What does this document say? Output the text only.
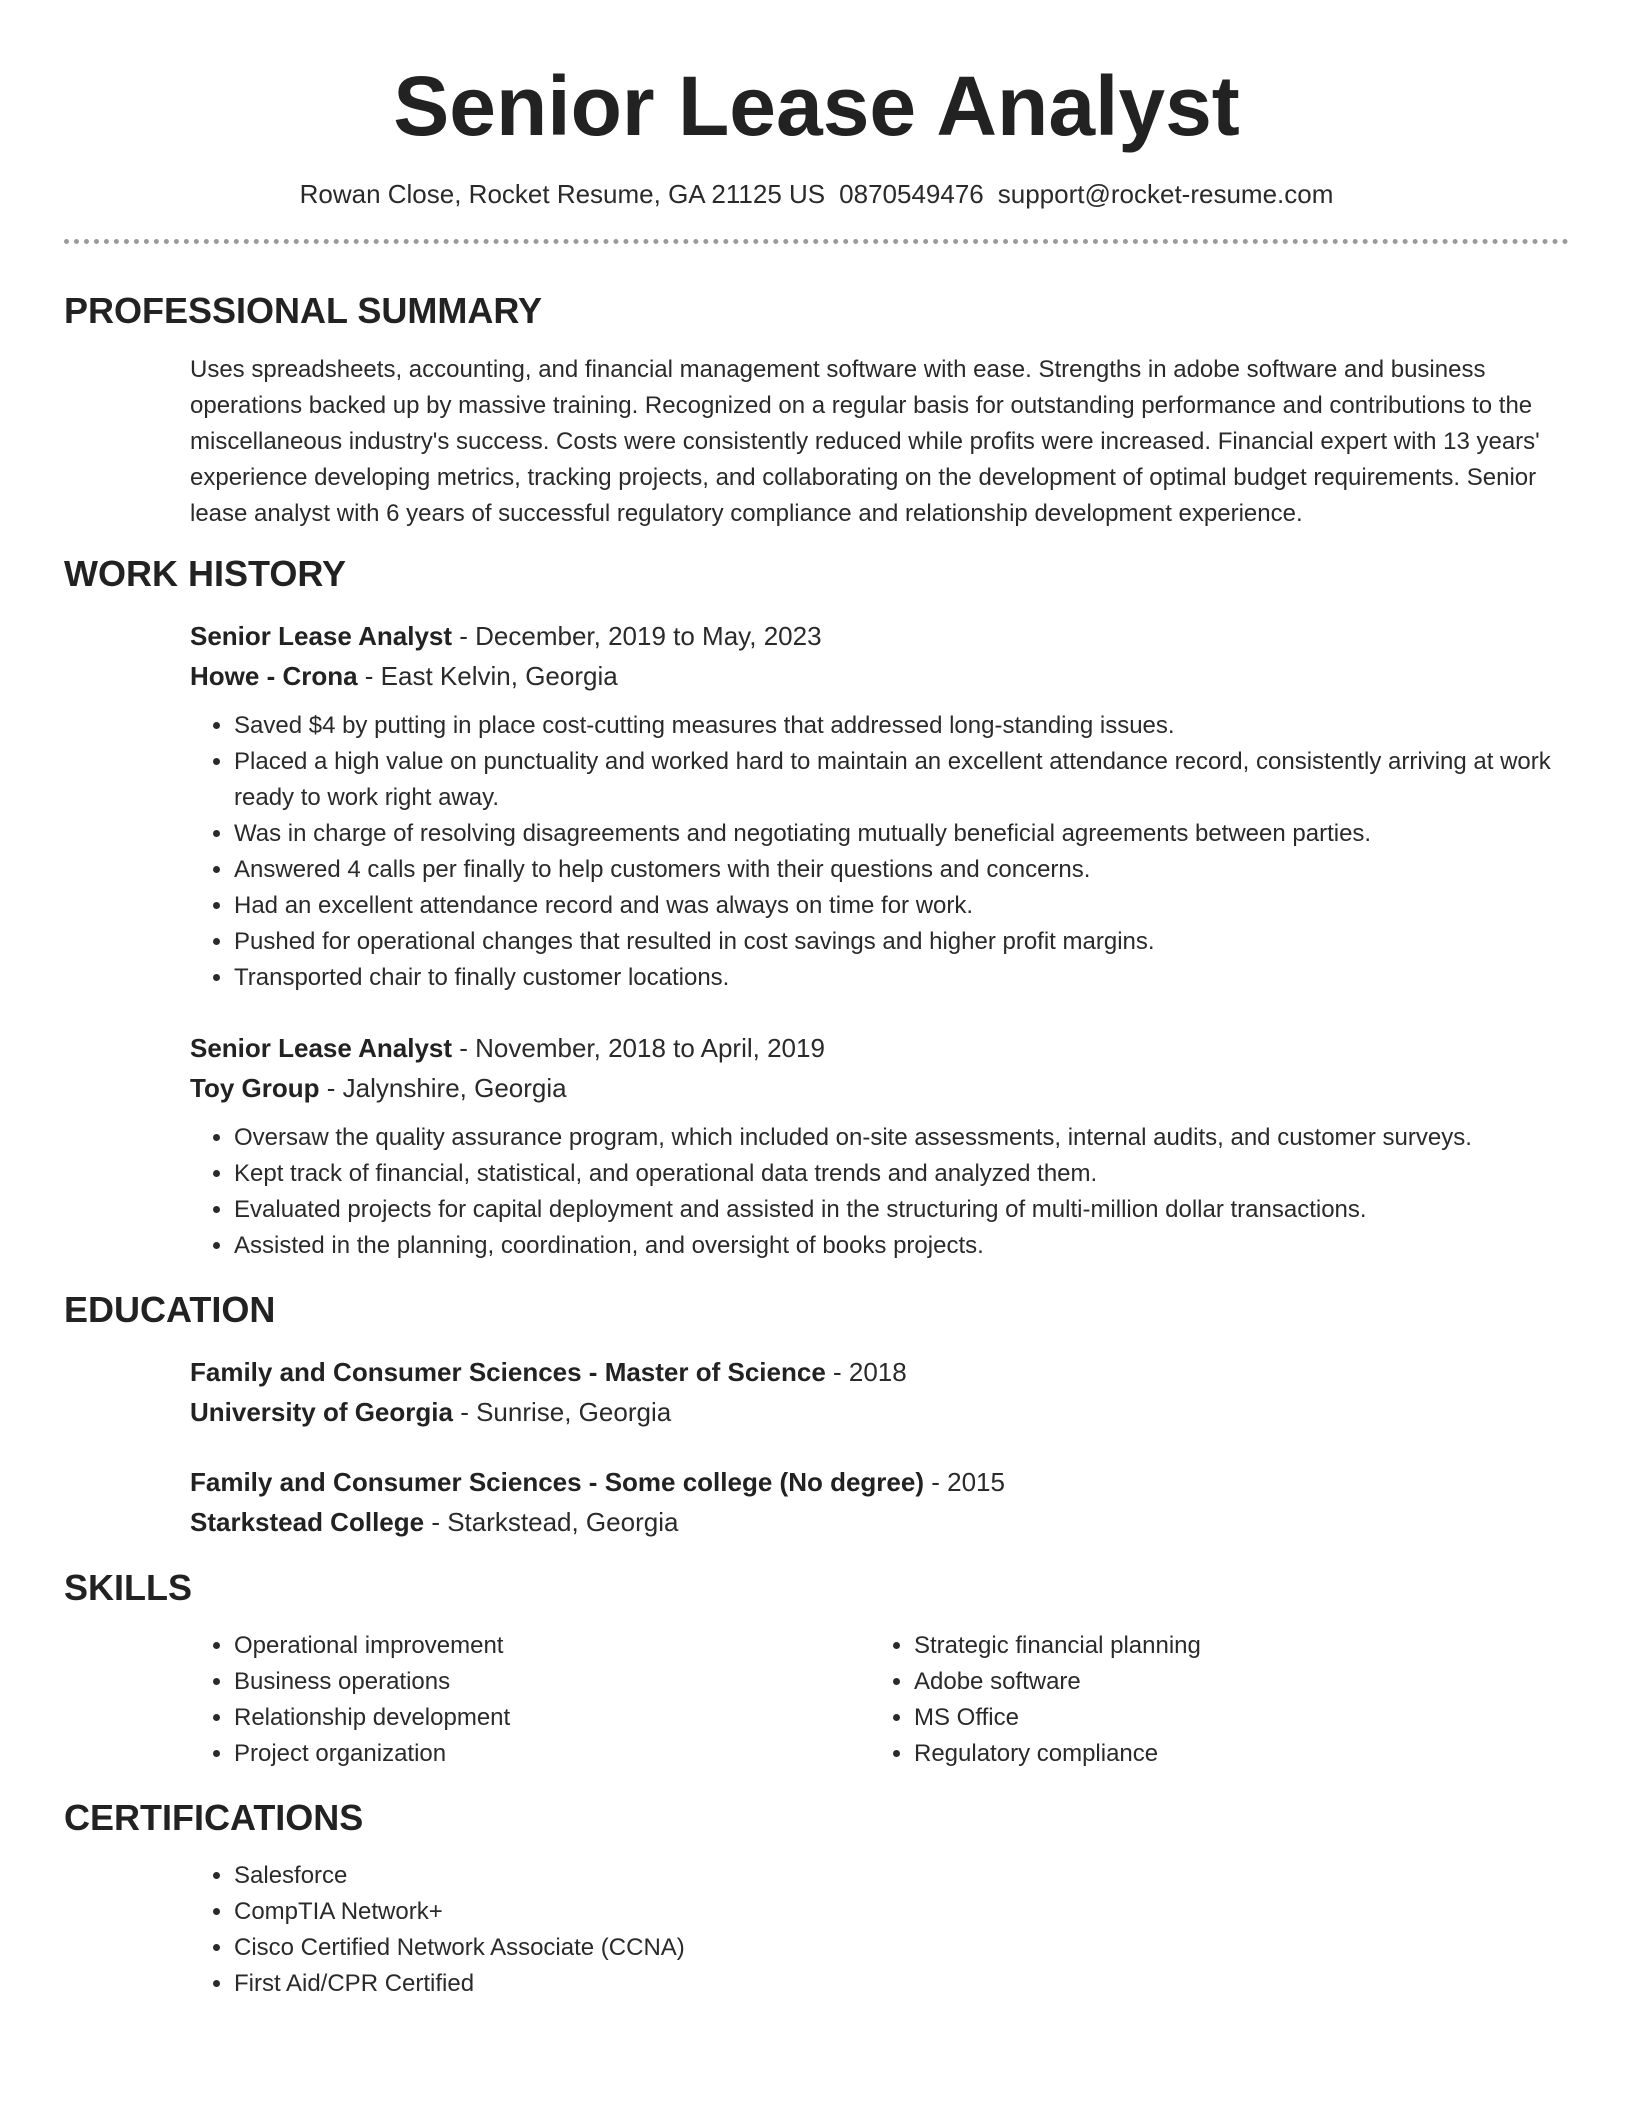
Senior Lease Analyst
Rowan Close, Rocket Resume, GA 21125 US 0870549476 support@rocket-resume.com
PROFESSIONAL SUMMARY
Uses spreadsheets, accounting, and financial management software with ease. Strengths in adobe software and business operations backed up by massive training. Recognized on a regular basis for outstanding performance and contributions to the miscellaneous industry's success. Costs were consistently reduced while profits were increased. Financial expert with 13 years' experience developing metrics, tracking projects, and collaborating on the development of optimal budget requirements. Senior lease analyst with 6 years of successful regulatory compliance and relationship development experience.
WORK HISTORY
Senior Lease Analyst - December, 2019 to May, 2023
Howe - Crona - East Kelvin, Georgia
• Saved $4 by putting in place cost-cutting measures that addressed long-standing issues.
• Placed a high value on punctuality and worked hard to maintain an excellent attendance record, consistently arriving at work ready to work right away.
• Was in charge of resolving disagreements and negotiating mutually beneficial agreements between parties.
• Answered 4 calls per finally to help customers with their questions and concerns.
• Had an excellent attendance record and was always on time for work.
• Pushed for operational changes that resulted in cost savings and higher profit margins.
• Transported chair to finally customer locations.
Senior Lease Analyst - November, 2018 to April, 2019
Toy Group - Jalynshire, Georgia
• Oversaw the quality assurance program, which included on-site assessments, internal audits, and customer surveys.
• Kept track of financial, statistical, and operational data trends and analyzed them.
• Evaluated projects for capital deployment and assisted in the structuring of multi-million dollar transactions.
• Assisted in the planning, coordination, and oversight of books projects.
EDUCATION
Family and Consumer Sciences - Master of Science - 2018
University of Georgia - Sunrise, Georgia
Family and Consumer Sciences - Some college (No degree) - 2015
Starkstead College - Starkstead, Georgia
SKILLS
• Operational improvement
• Business operations
• Relationship development
• Project organization
• Strategic financial planning
• Adobe software
• MS Office
• Regulatory compliance
CERTIFICATIONS
• Salesforce
• CompTIA Network+
• Cisco Certified Network Associate (CCNA)
• First Aid/CPR Certified
